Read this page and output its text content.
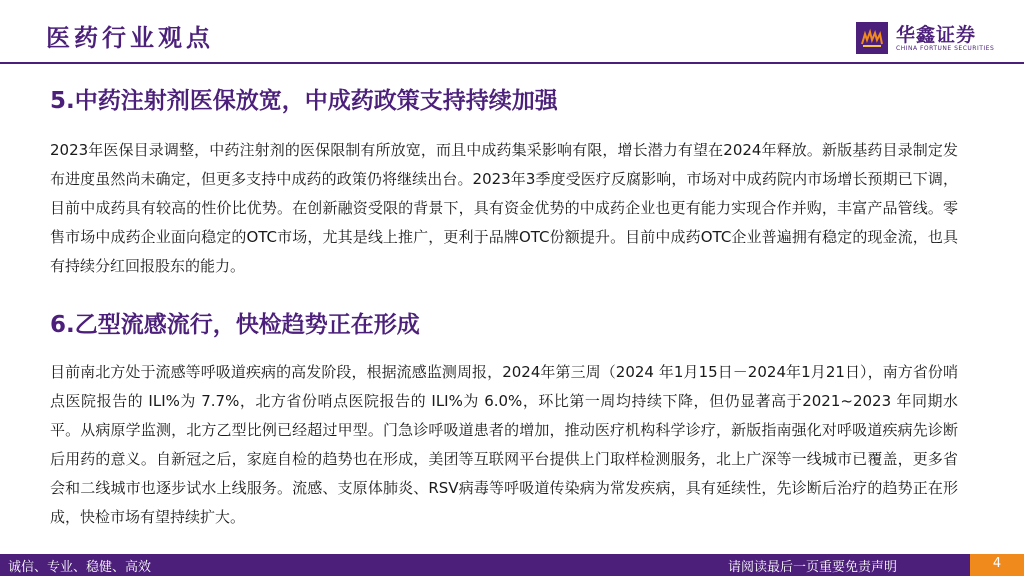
医药行业观点	华鑫证券
CHINA FORTUNE SECURITIES
5.中药注射剂医保放宽，中成药政策支持持续加强
2023年医保目录调整，中药注射剂的医保限制有所放宽，而且中成药集采影响有限，增长潜力有望在2024年释放。新版基药目录制定发布进度虽然尚未确定，但更多支持中成药的政策仍将继续出台。2023年3季度受医疗反腐影响，市场对中成药院内市场增长预期已下调，目前中成药具有较高的性价比优势。在创新融资受限的背景下，具有资金优势的中成药企业也更有能力实现合作并购，丰富产品管线。零售市场中成药企业面向稳定的OTC市场，尤其是线上推广，更利于品牌OTC份额提升。目前中成药OTC企业普遍拥有稳定的现金流，也具有持续分红回报股东的能力。
6.乙型流感流行，快检趋势正在形成
目前南北方处于流感等呼吸道疾病的高发阶段，根据流感监测周报，2024年第三周（2024 年1月15日－2024年1月21日），南方省份哨点医院报告的 ILI%为 7.7%，北方省份哨点医院报告的 ILI%为 6.0%，环比第一周均持续下降，但仍显著高于2021~2023 年同期水平。从病原学监测，北方乙型比例已经超过甲型。门急诊呼吸道患者的增加，推动医疗机构科学诊疗，新版指南强化对呼吸道疾病先诊断后用药的意义。自新冠之后，家庭自检的趋势也在形成，美团等互联网平台提供上门取样检测服务，北上广深等一线城市已覆盖，更多省会和二线城市也逐步试水上线服务。流感、支原体肺炎、RSV病毒等呼吸道传染病为常发疾病，具有延续性，先诊断后治疗的趋势正在形成，快检市场有望持续扩大。
诚信、专业、稳健、高效	请阅读最后一页重要免责声明	4
